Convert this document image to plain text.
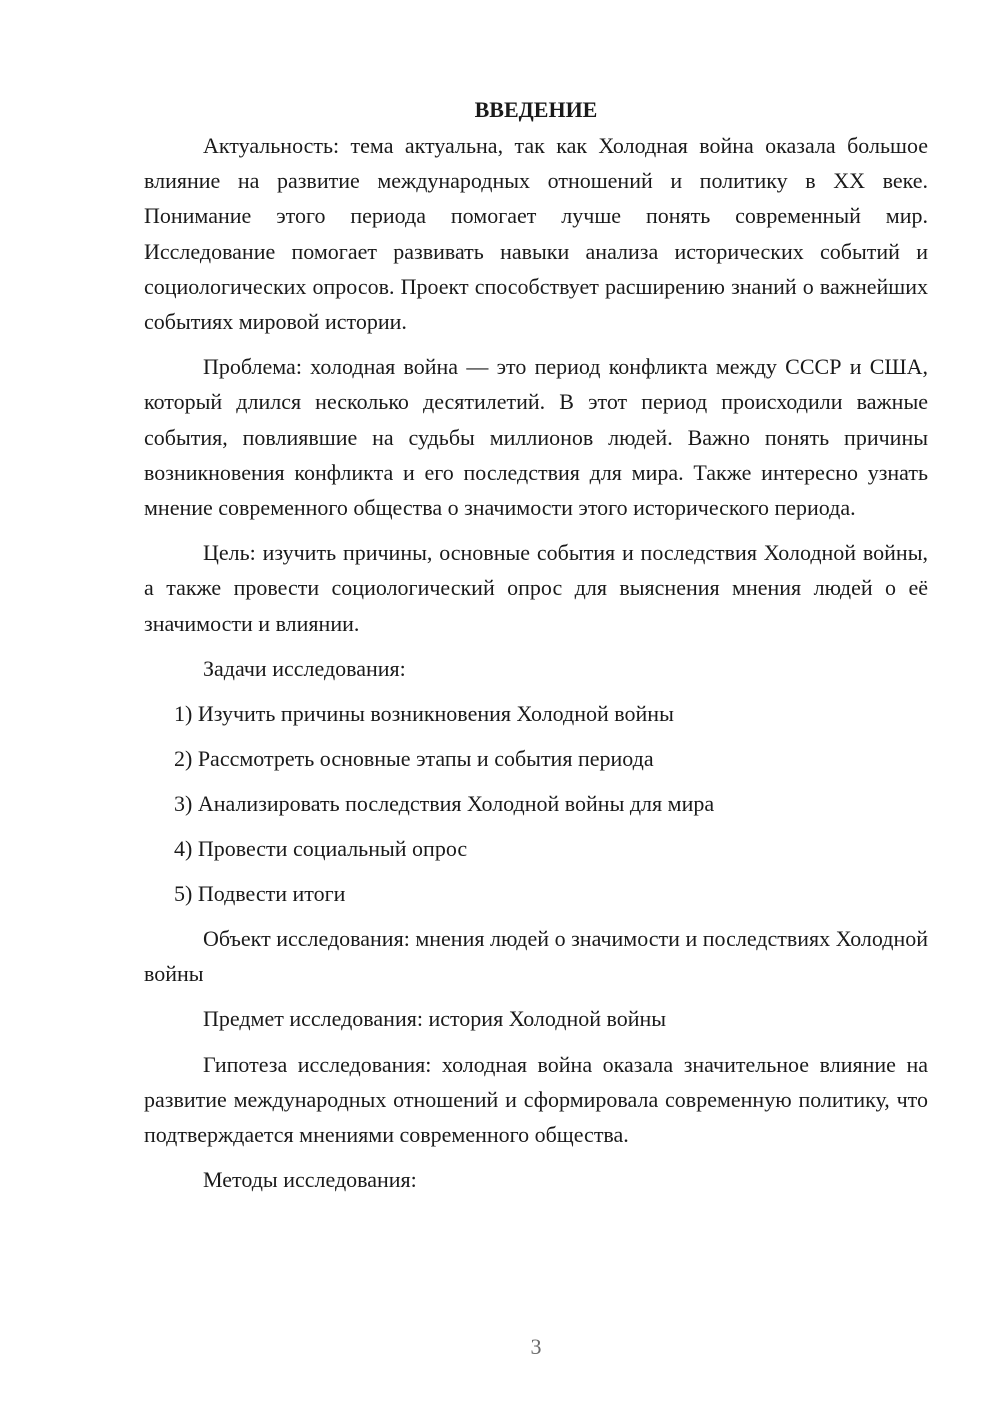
ВВЕДЕНИЕ

Актуальность: тема актуальна, так как Холодная война оказала большое влияние на развитие международных отношений и политику в XX веке. Понимание этого периода помогает лучше понять современный мир. Исследование помогает развивать навыки анализа исторических событий и социологических опросов. Проект способствует расширению знаний о важнейших событиях мировой истории.

Проблема: холодная война — это период конфликта между СССР и США, который длился несколько десятилетий. В этот период происходили важные события, повлиявшие на судьбы миллионов людей. Важно понять причины возникновения конфликта и его последствия для мира. Также интересно узнать мнение современного общества о значимости этого исторического периода.

Цель: изучить причины, основные события и последствия Холодной войны, а также провести социологический опрос для выяснения мнения людей о её значимости и влиянии.

Задачи исследования:

1) Изучить причины возникновения Холодной войны
2) Рассмотреть основные этапы и события периода
3) Анализировать последствия Холодной войны для мира
4) Провести социальный опрос
5) Подвести итоги

Объект исследования: мнения людей о значимости и последствиях Холодной войны

Предмет исследования: история Холодной войны

Гипотеза исследования: холодная война оказала значительное влияние на развитие международных отношений и сформировала современную политику, что подтверждается мнениями современного общества.

Методы исследования:

3
